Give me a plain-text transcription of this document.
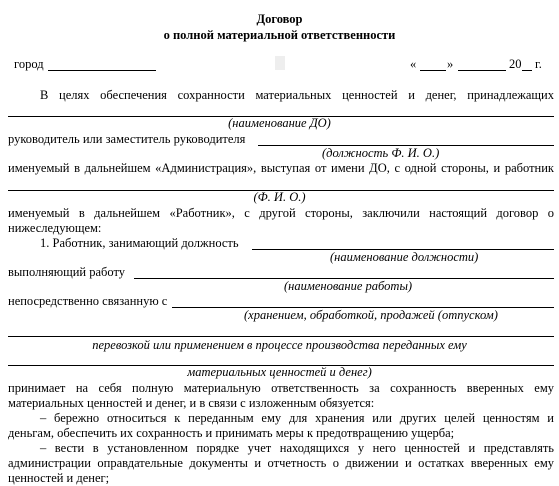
Договор
о полной материальной ответственности
город	« »	20 г.
В целях обеспечения сохранности материальных ценностей и денег, принадлежащих
(наименование ДО)
руководитель или заместитель руководителя
(должность Ф. И. О.)
именуемый в дальнейшем «Администрация», выступая от имени ДО, с одной стороны, и работник
(Ф. И. О.)
именуемый в дальнейшем «Работник», с другой стороны, заключили настоящий договор о
нижеследующем:
1. Работник, занимающий должность
(наименование должности)
выполняющий работу
(наименование работы)
непосредственно связанную с
(хранением, обработкой, продажей (отпуском)
перевозкой или применением в процессе производства переданных ему
материальных ценностей и денег)
принимает на себя полную материальную ответственность за сохранность вверенных ему
материальных ценностей и денег, и в связи с изложенным обязуется:
– бережно относиться к переданным ему для хранения или других целей ценностям и
деньгам, обеспечить их сохранность и принимать меры к предотвращению ущерба;
– вести в установленном порядке учет находящихся у него ценностей и представлять
администрации оправдательные документы и отчетность о движении и остатках вверенных ему
ценностей и денег;
